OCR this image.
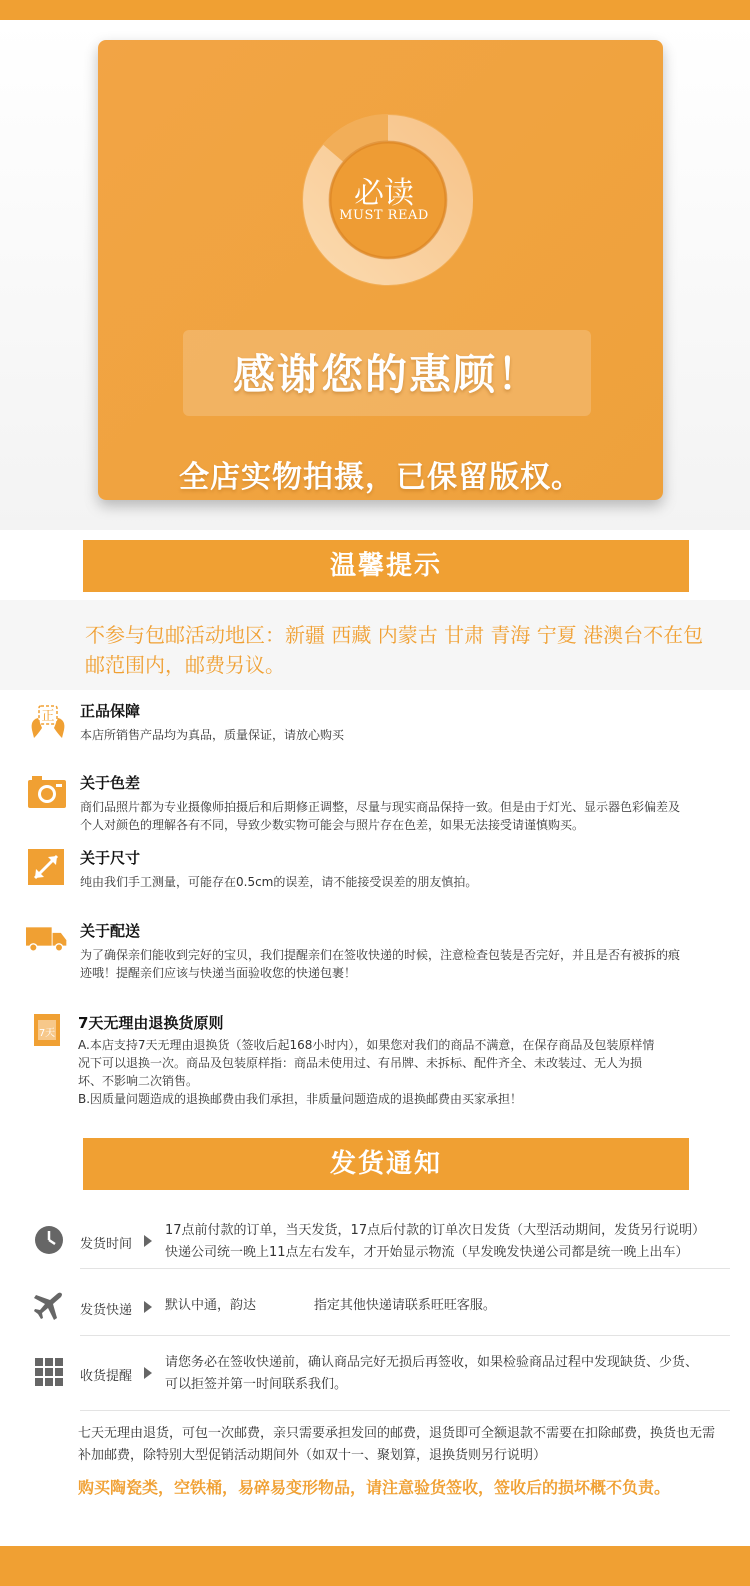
必读
MUST READ
感谢您的惠顾！
全店实物拍摄，已保留版权。
温馨提示
不参与包邮活动地区：新疆 西藏 内蒙古 甘肃 青海 宁夏 港澳台不在包邮范围内，邮费另议。
正 正品保障
本店所销售产品均为真品，质量保证，请放心购买
关于色差
商们品照片都为专业摄像师拍摄后和后期修正调整，尽量与现实商品保持一致。但是由于灯光、显示器色彩偏差及个人对颜色的理解各有不同，导致少数实物可能会与照片存在色差，如果无法接受请谨慎购买。
关于尺寸
纯由我们手工测量，可能存在0.5cm的误差，请不能接受误差的朋友慎拍。
关于配送
为了确保亲们能收到完好的宝贝，我们提醒亲们在签收快递的时候，注意检查包装是否完好，并且是否有被拆的痕迹哦！提醒亲们应该与快递当面验收您的快递包裹！
7天
7天无理由退换货原则
A.本店支持7天无理由退换货（签收后起168小时内），如果您对我们的商品不满意，在保存商品及包装原样情况下可以退换一次。商品及包装原样指：商品未使用过、有吊牌、未拆标、配件齐全、未改装过、无人为损坏、不影响二次销售。
B.因质量问题造成的退换邮费由我们承担，非质量问题造成的退换邮费由买家承担！
发货通知
发货时间
17点前付款的订单，当天发货，17点后付款的订单次日发货（大型活动期间，发货另行说明）
快递公司统一晚上11点左右发车，才开始显示物流（早发晚发快递公司都是统一晚上出车）
发货快递	默认中通，韵达              指定其他快递请联系旺旺客服。
收货提醒
请您务必在签收快递前，确认商品完好无损后再签收，如果检验商品过程中发现缺货、少货、
可以拒签并第一时间联系我们。
七天无理由退货，可包一次邮费，亲只需要承担发回的邮费，退货即可全额退款不需要在扣除邮费，换货也无需补加邮费，除特别大型促销活动期间外（如双十一、聚划算，退换货则另行说明）
购买陶瓷类，空铁桶，易碎易变形物品，请注意验货签收，签收后的损坏概不负责。
